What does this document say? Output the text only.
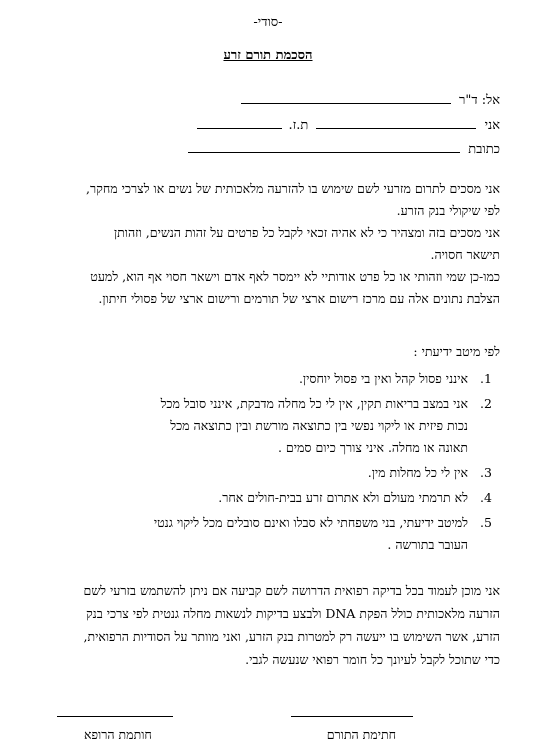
-סודי-
הסכמת תורם זרע
אל: ד"ר
אני  ת.ז.
כתובת
אני מסכים לתרום מזרעי לשם שימוש בו להזרעה מלאכותית של נשים או לצרכי מחקר,
לפי שיקולי בנק הזרע.
אני מסכים בזה ומצהיר כי לא אהיה זכאי לקבל כל פרטים על זהות הנשים, וזהותן
תישאר חסויה.
כמו-כן שמי וזהותי או כל פרט אודותיי לא יימסר לאף אדם וישאר חסוי אף הוא, למעט
הצלבת נתונים אלה עם מרכז רישום ארצי של תורמים ורישום ארצי של פסולי חיתון.
לפי מיטב ידיעתי :
1.
אינני פסול קהל ואין בי פסול יוחסין.
2.
אני במצב בריאות תקין, אין לי כל מחלה מדבקת, אינני סובל מכל
נכות פיזית או ליקוי נפשי בין כתוצאה מורשת ובין כתוצאה מכל
תאונה או מחלה. איני צורך כיום סמים .
3.
אין לי כל מחלות מין.
4.
לא תרמתי מעולם ולא אתרום זרע בבית-חולים אחר.
5.
למיטב ידיעתי, בני משפחתי לא סבלו ואינם סובלים מכל ליקוי גנטי
העובר בתורשה .
אני מוכן לעמוד בכל בדיקה רפואית הדרושה לשם קביעה אם ניתן להשתמש בזרעי לשם
הזרעה מלאכותית כולל הפקת DNA ולבצע בדיקות לנשאות מחלה גנטית לפי צרכי בנק
הזרע, אשר השימוש בו ייעשה רק למטרות בנק הזרע, ואני מוותר על הסודיות הרפואית,
כדי שתוכל לקבל לעיונך כל חומר רפואי שנעשה לגבי.
חתימת התורם
חותמת הרופא
